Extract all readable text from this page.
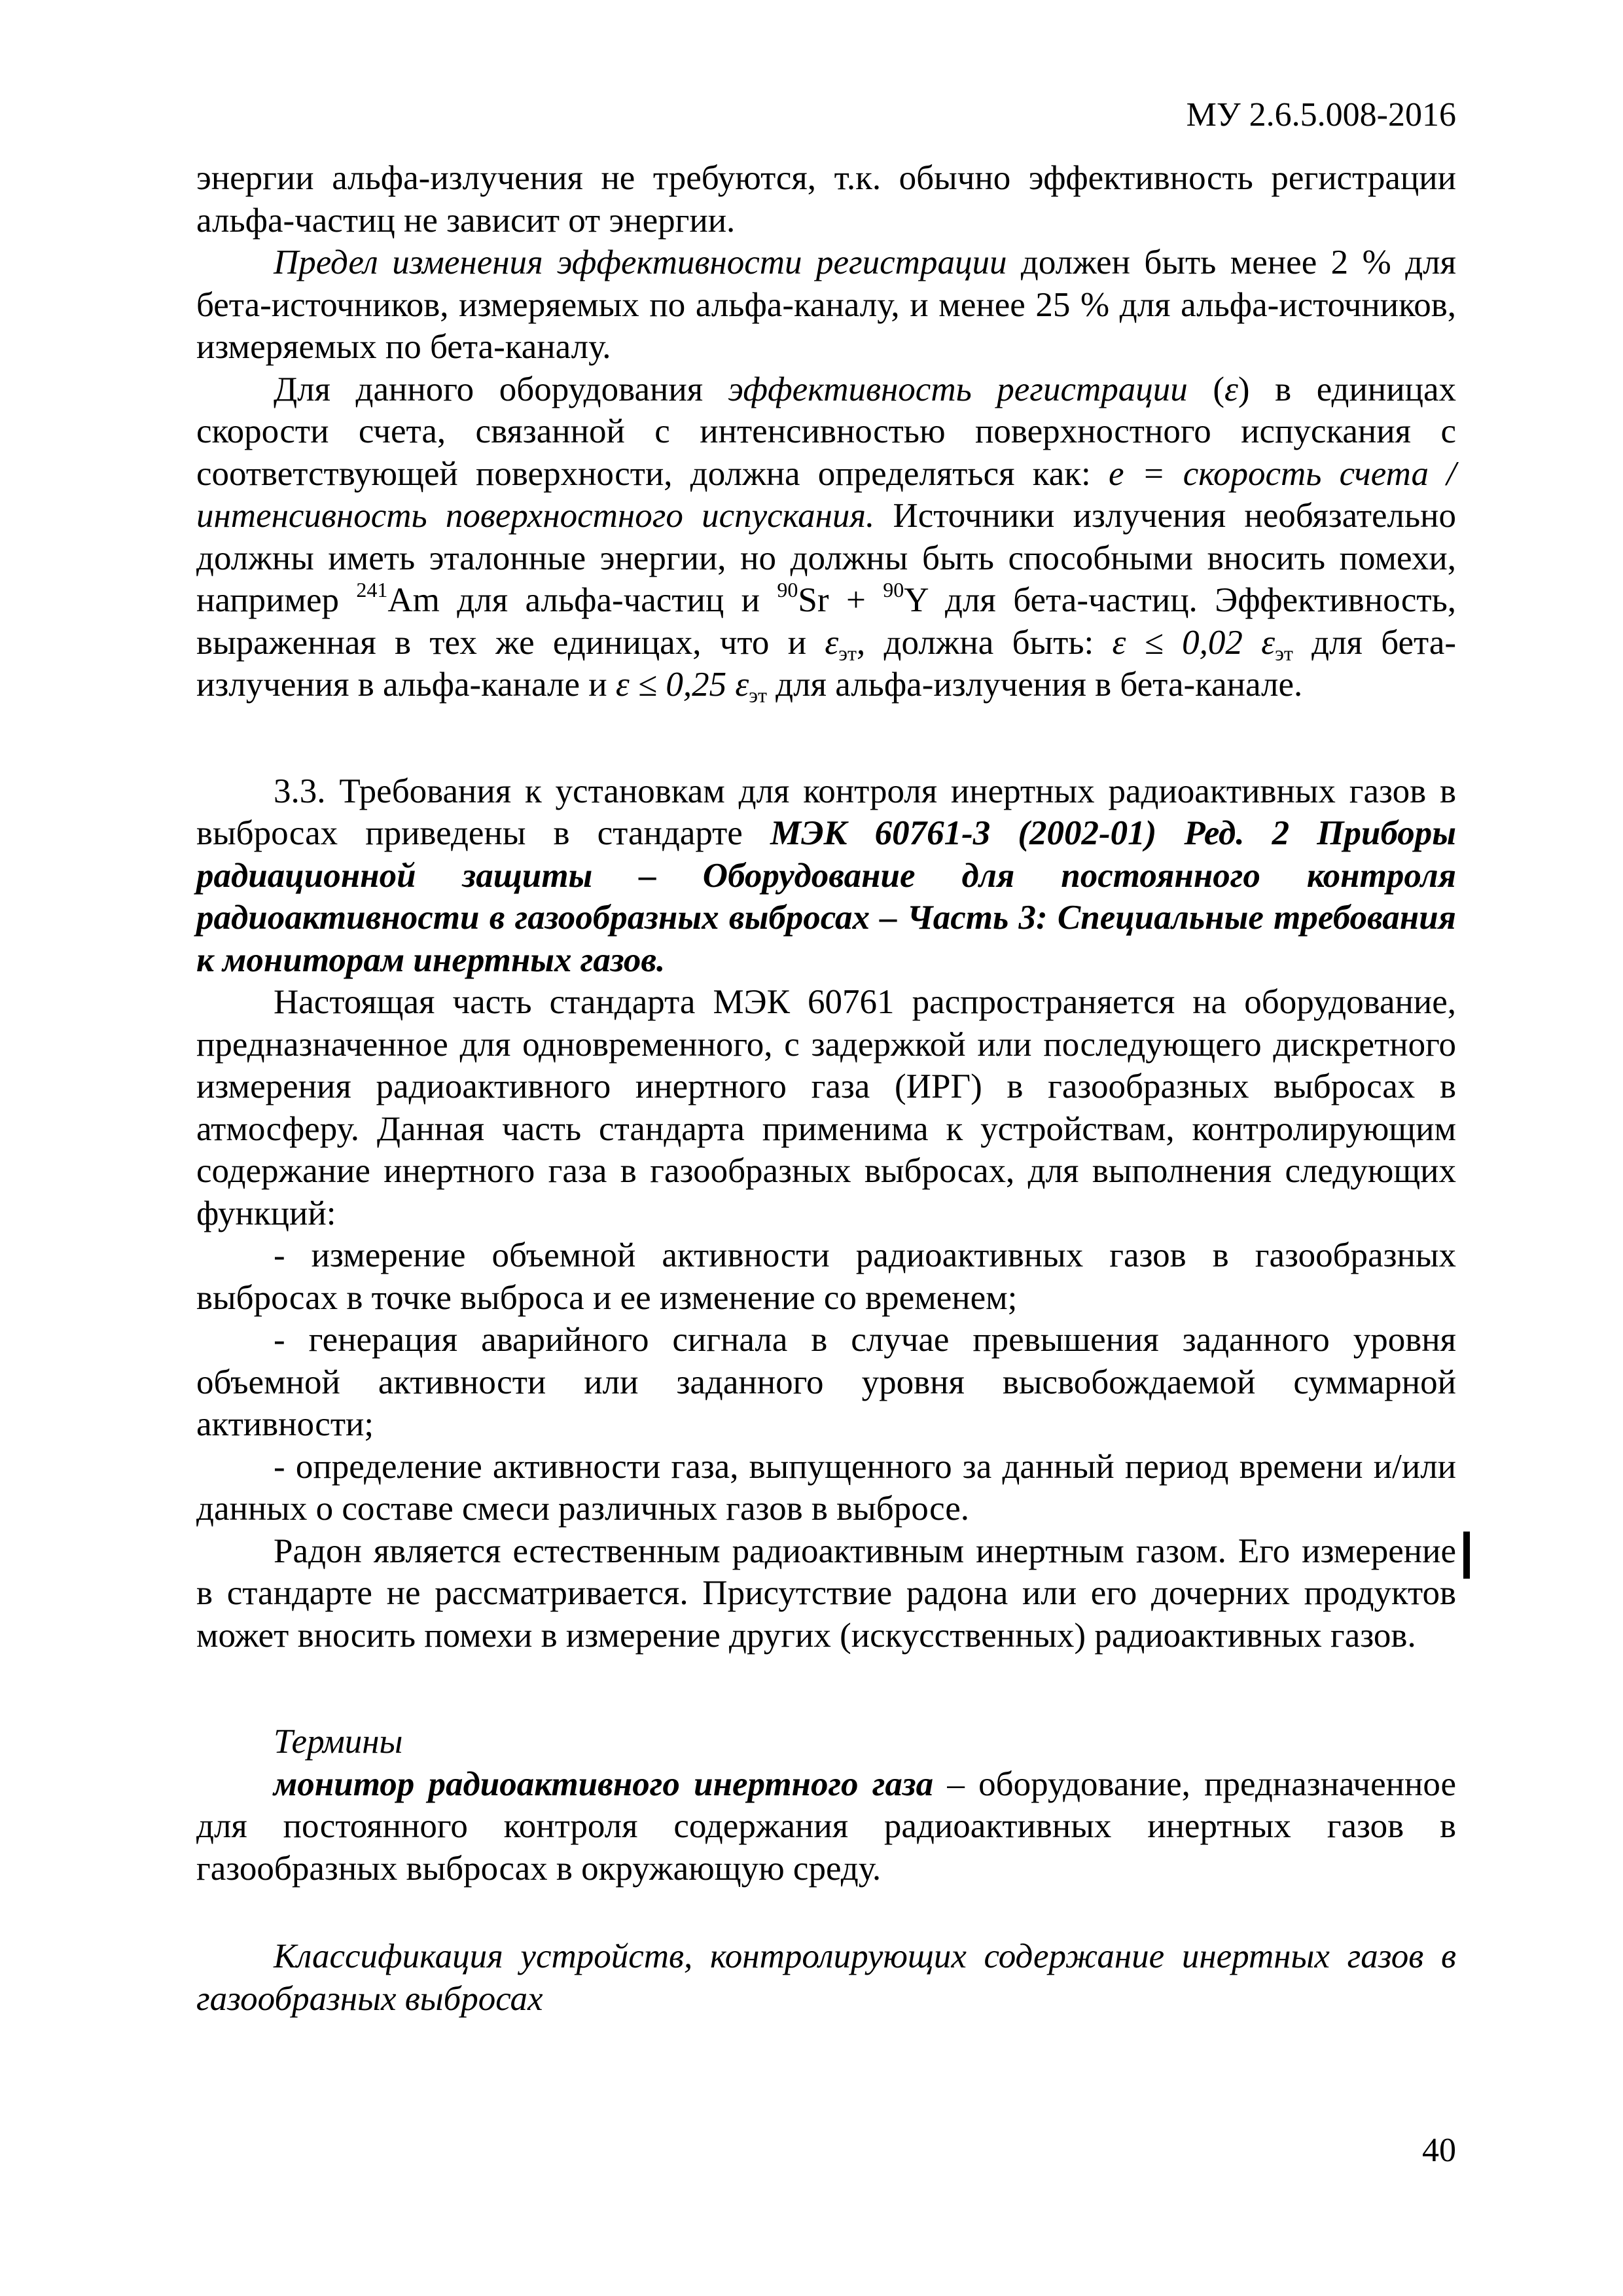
МУ 2.6.5.008-2016

энергии альфа-излучения не требуются, т.к. обычно эффективность регистрации альфа-частиц не зависит от энергии.

Предел изменения эффективности регистрации должен быть менее 2 % для бета-источников, измеряемых по альфа-каналу, и менее 25 % для альфа-источников, измеряемых по бета-каналу.

Для данного оборудования эффективность регистрации (ε) в единицах скорости счета, связанной с интенсивностью поверхностного испускания с соответствующей поверхности, должна определяться как: e = скорость счета / интенсивность поверхностного испускания. Источники излучения необязательно должны иметь эталонные энергии, но должны быть способными вносить помехи, например $^{241}$Am для альфа-частиц и $^{90}$Sr + $^{90}$Y для бета-частиц. Эффективность, выраженная в тех же единицах, что и $\varepsilon_{эт}$, должна быть: ε ≤ 0,02 $\varepsilon_{эт}$ для бета-излучения в альфа-канале и ε ≤ 0,25 $\varepsilon_{эт}$ для альфа-излучения в бета-канале.

3.3. Требования к установкам для контроля инертных радиоактивных газов в выбросах приведены в стандарте МЭК 60761-3 (2002-01) Ред. 2 Приборы радиационной защиты – Оборудование для постоянного контроля радиоактивности в газообразных выбросах – Часть 3: Специальные требования к мониторам инертных газов.

Настоящая часть стандарта МЭК 60761 распространяется на оборудование, предназначенное для одновременного, с задержкой или последующего дискретного измерения радиоактивного инертного газа (ИРГ) в газообразных выбросах в атмосферу. Данная часть стандарта применима к устройствам, контролирующим содержание инертного газа в газообразных выбросах, для выполнения следующих функций:

- измерение объемной активности радиоактивных газов в газообразных выбросах в точке выброса и ее изменение со временем;

- генерация аварийного сигнала в случае превышения заданного уровня объемной активности или заданного уровня высвобождаемой суммарной активности;

- определение активности газа, выпущенного за данный период времени и/или данных о составе смеси различных газов в выбросе.

Радон является естественным радиоактивным инертным газом. Его измерение в стандарте не рассматривается. Присутствие радона или его дочерних продуктов может вносить помехи в измерение других (искусственных) радиоактивных газов.

Термины

монитор радиоактивного инертного газа – оборудование, предназначенное для постоянного контроля содержания радиоактивных инертных газов в газообразных выбросах в окружающую среду.

Классификация устройств, контролирующих содержание инертных газов в газообразных выбросах

40
